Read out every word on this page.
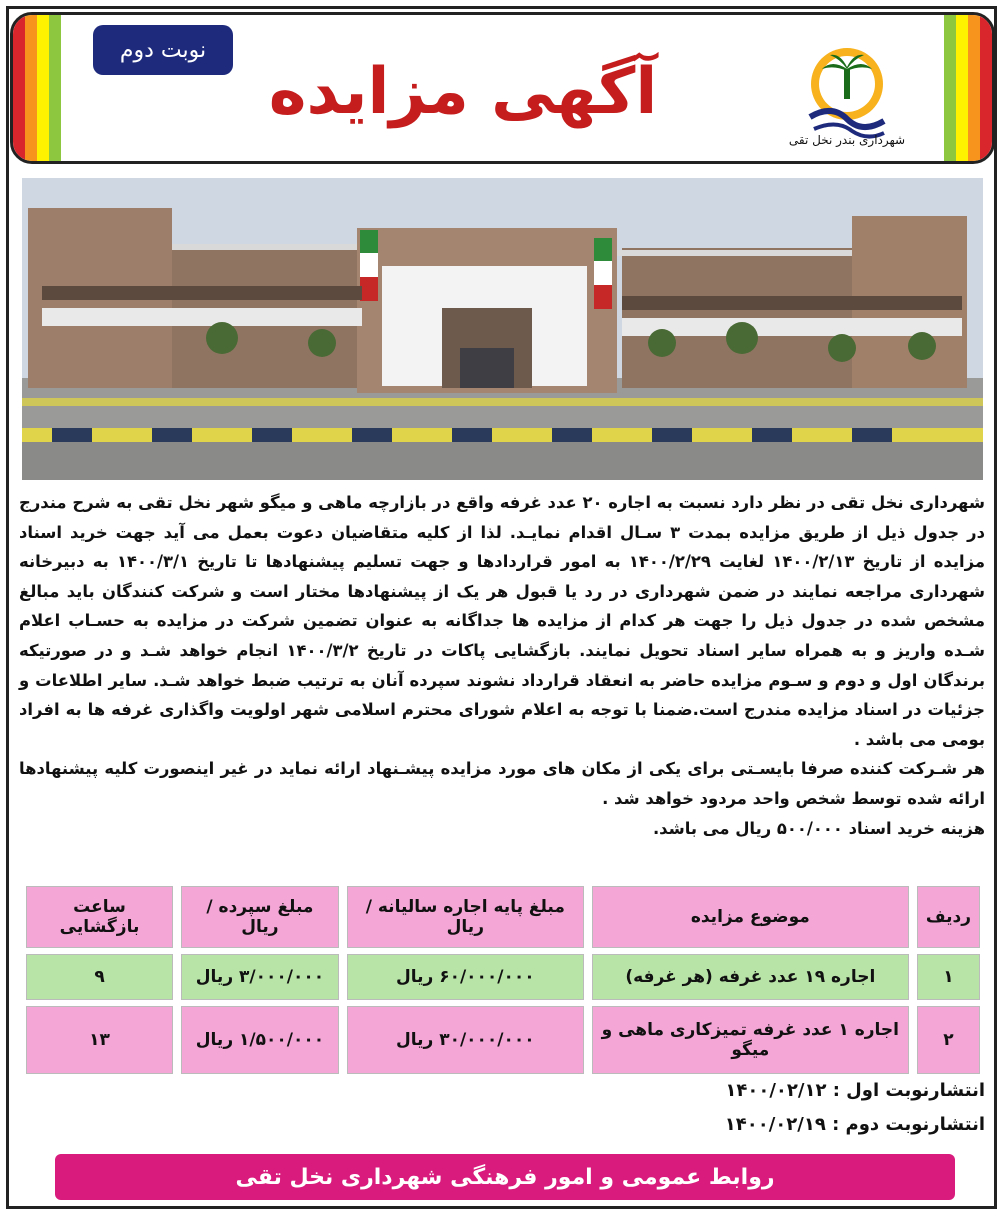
نوبت دوم
آگهی مزایده
شهرداری بندر نخل تقی

شهرداری نخل تقی در نظر دارد نسبت به اجاره ۲۰ عدد غرفه واقع در بازارچه ماهی و میگو شهر نخل تقی به شرح مندرج در جدول ذیل از طریق مزایده بمدت ۳ سـال اقدام نمایـد. لذا از کلیه متقاضیان دعوت بعمل می آید جهت خرید اسناد مزایده از تاریخ ۱۴۰۰/۲/۱۳ لغایت ۱۴۰۰/۲/۲۹ به امور قراردادها و جهت تسلیم پیشنهادها تا تاریخ ۱۴۰۰/۳/۱ به دبیرخانه شهرداری مراجعه نمایند در ضمن شهرداری در رد یا قبول هر یک از پیشنهادها مختار است و شرکت کنندگان باید مبالغ مشخص شده در جدول ذیل را جهت هر کدام از مزایده ها جداگانه به عنوان تضمین شرکت در مزایده به حسـاب اعلام شـده واریز و به همراه سایر اسناد تحویل نمایند. بازگشایی پاکات در تاریخ ۱۴۰۰/۳/۲ انجام خواهد شـد و در صورتیکه برندگان اول و دوم و سـوم مزایده حاضر به انعقاد قرارداد نشوند سپرده آنان به ترتیب ضبط خواهد شـد. سایر اطلاعات و جزئیات در اسناد مزایده مندرج است.ضمنا با توجه به اعلام شورای محترم اسلامی شهر اولویت واگذاری غرفه ها به افراد بومی می باشد .

هر شـرکت کننده صرفا بایسـتی برای یکی از مکان های مورد مزایده پیشـنهاد ارائه نماید در غیر اینصورت کلیه پیشنهادها ارائه شده توسط شخص واحد مردود خواهد شد .

هزینه خرید اسناد ۵۰۰/۰۰۰ ریال می باشد.

ردیف	موضوع مزایده	مبلغ پایه اجاره سالیانه / ریال	مبلغ سپرده / ریال	ساعت بازگشایی
۱	اجاره ۱۹ عدد غرفه (هر غرفه)	۶۰/۰۰۰/۰۰۰ ریال	۳/۰۰۰/۰۰۰ ریال	۹
۲	اجاره ۱ عدد غرفه تمیزکاری ماهی و میگو	۳۰/۰۰۰/۰۰۰ ریال	۱/۵۰۰/۰۰۰ ریال	۱۳
انتشارنوبت اول : ۱۴۰۰/۰۲/۱۲
انتشارنوبت دوم : ۱۴۰۰/۰۲/۱۹
روابط عمومی و امور فرهنگی شهرداری نخل تقی
